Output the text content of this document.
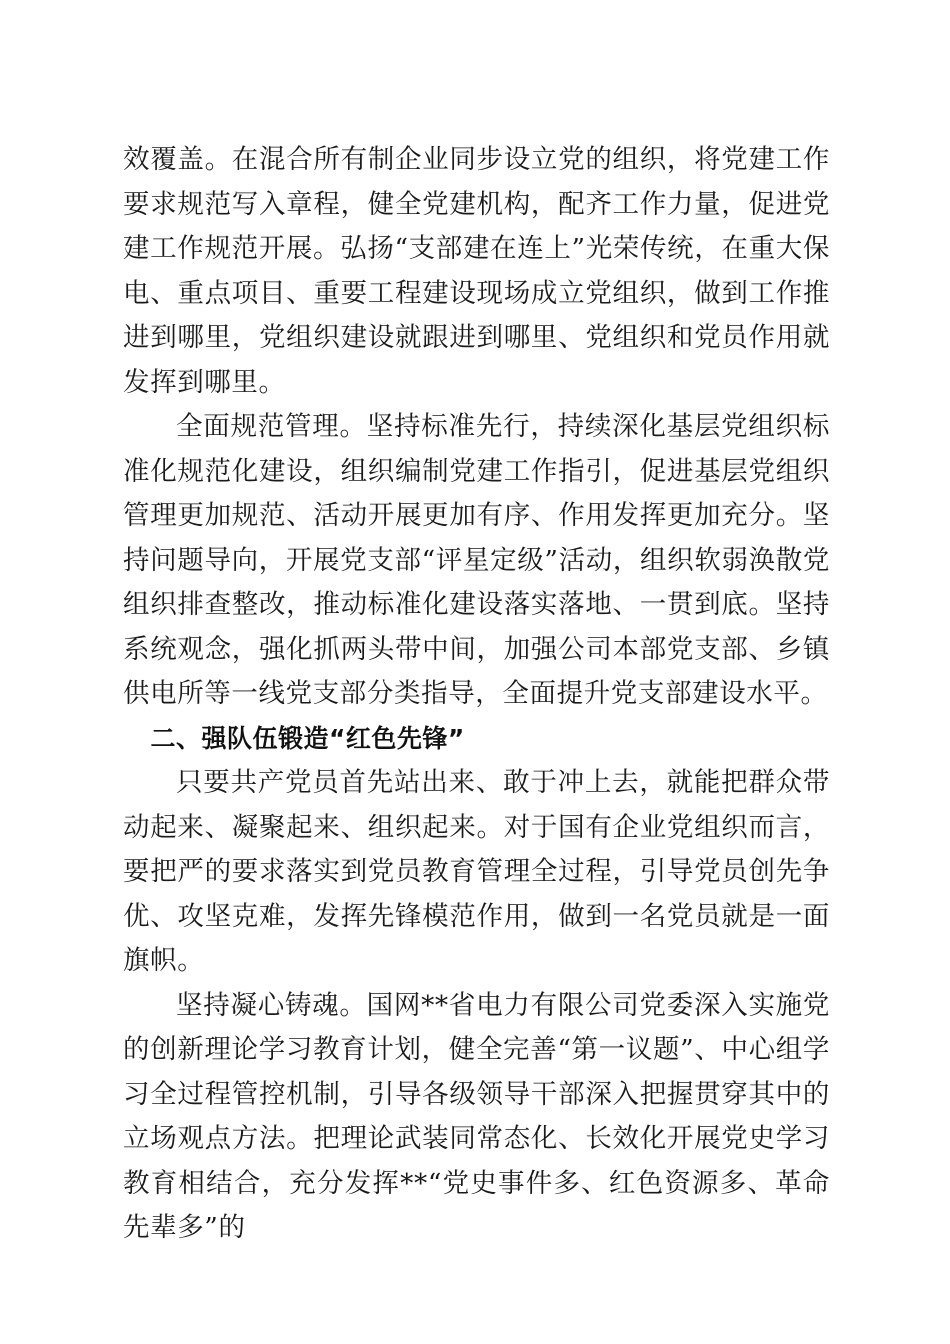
效覆盖。在混合所有制企业同步设立党的组织，将党建工作要求规范写入章程，健全党建机构，配齐工作力量，促进党建工作规范开展。弘扬“支部建在连上”光荣传统，在重大保电、重点项目、重要工程建设现场成立党组织，做到工作推进到哪里，党组织建设就跟进到哪里、党组织和党员作用就发挥到哪里。

全面规范管理。坚持标准先行，持续深化基层党组织标准化规范化建设，组织编制党建工作指引，促进基层党组织管理更加规范、活动开展更加有序、作用发挥更加充分。坚持问题导向，开展党支部“评星定级”活动，组织软弱涣散党组织排查整改，推动标准化建设落实落地、一贯到底。坚持系统观念，强化抓两头带中间，加强公司本部党支部、乡镇供电所等一线党支部分类指导，全面提升党支部建设水平。

二、强队伍锻造“红色先锋”

只要共产党员首先站出来、敢于冲上去，就能把群众带动起来、凝聚起来、组织起来。对于国有企业党组织而言，要把严的要求落实到党员教育管理全过程，引导党员创先争优、攻坚克难，发挥先锋模范作用，做到一名党员就是一面旗帜。

坚持凝心铸魂。国网**省电力有限公司党委深入实施党的创新理论学习教育计划，健全完善“第一议题”、中心组学习全过程管控机制，引导各级领导干部深入把握贯穿其中的立场观点方法。把理论武装同常态化、长效化开展党史学习教育相结合，充分发挥**“党史事件多、红色资源多、革命先辈多”的
